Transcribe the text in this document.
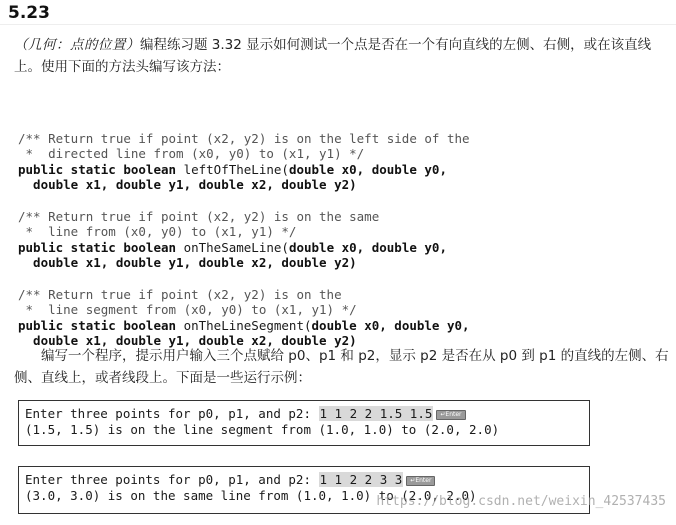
5.23
（几何：点的位置）编程练习题 3.32 显示如何测试一个点是否在一个有向直线的左侧、右侧，或在该直线上。使用下面的方法头编写该方法：

/** Return true if point (x2, y2) is on the left side of the
*  directed line from (x0, y0) to (x1, y1) */
public static boolean leftOfTheLine(double x0, double y0,
double x1, double y1, double x2, double y2)

/** Return true if point (x2, y2) is on the same
*  line from (x0, y0) to (x1, y1) */
public static boolean onTheSameLine(double x0, double y0,
double x1, double y1, double x2, double y2)

/** Return true if point (x2, y2) is on the
*  line segment from (x0, y0) to (x1, y1) */
public static boolean onTheLineSegment(double x0, double y0,
double x1, double y1, double x2, double y2)

编写一个程序，提示用户输入三个点赋给 p0、p1 和 p2，显示 p2 是否在从 p0 到 p1 的直线的左侧、右侧、直线上，或者线段上。下面是一些运行示例：
Enter three points for p0, p1, and p2: 1 1 2 2 1.5 1.5 ↵Enter
(1.5, 1.5) is on the line segment from (1.0, 1.0) to (2.0, 2.0)
Enter three points for p0, p1, and p2: 1 1 2 2 3 3 ↵Enter
(3.0, 3.0) is on the same line from (1.0, 1.0) to (2.0, 2.0)
https://blog.csdn.net/weixin_42537435
